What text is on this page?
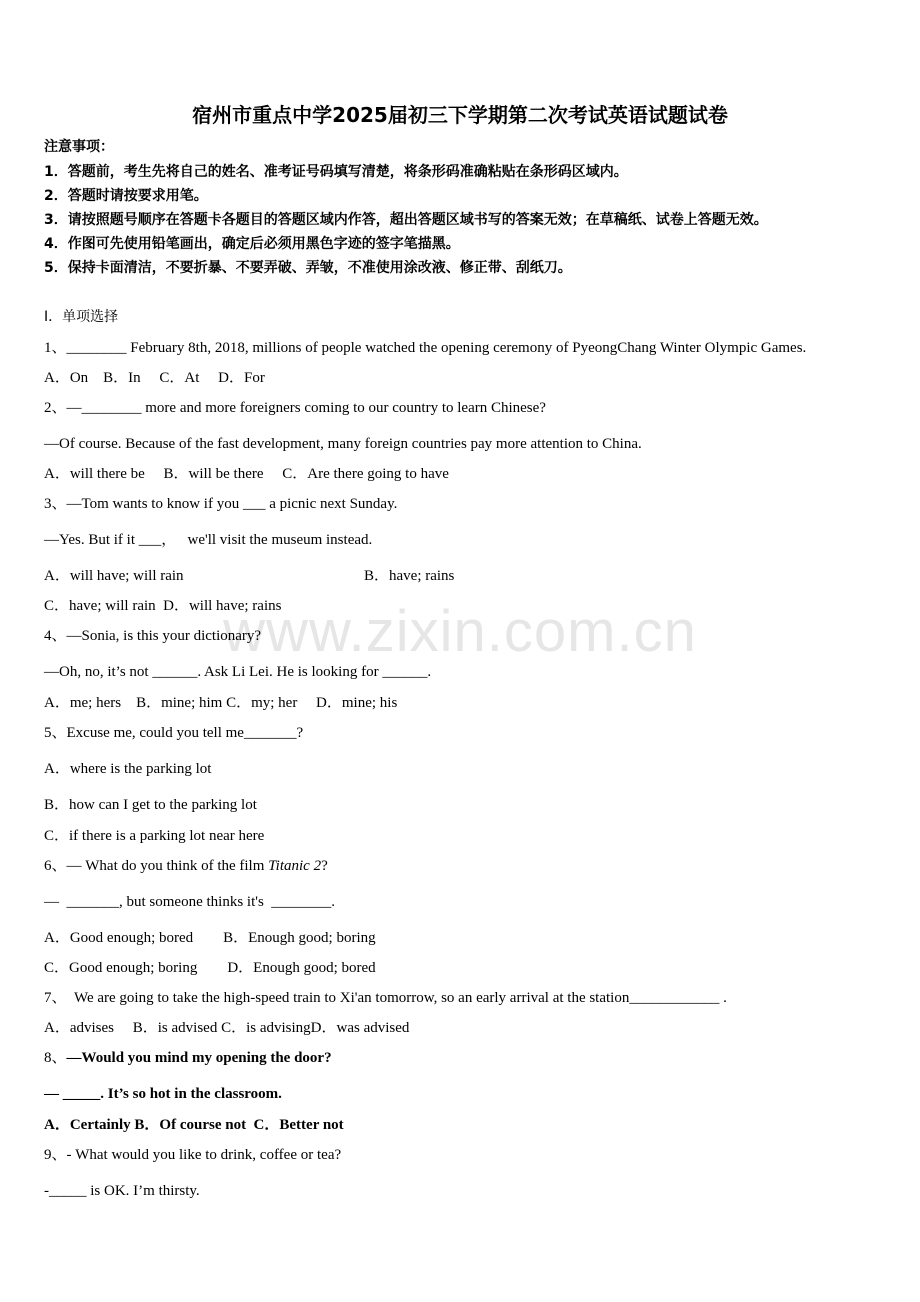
www.zixin.com.cn
宿州市重点中学2025届初三下学期第二次考试英语试题试卷
注意事项：
1．答题前，考生先将自己的姓名、准考证号码填写清楚，将条形码准确粘贴在条形码区域内。
2．答题时请按要求用笔。
3．请按照题号顺序在答题卡各题目的答题区域内作答，超出答题区域书写的答案无效；在草稿纸、试卷上答题无效。
4．作图可先使用铅笔画出，确定后必须用黑色字迹的签字笔描黑。
5．保持卡面清洁，不要折暴、不要弄破、弄皱，不准使用涂改液、修正带、刮纸刀。
Ⅰ．单项选择
1、________ February 8th, 2018, millions of people watched the opening ceremony of PyeongChang Winter Olympic Games.
A．On    B．In     C．At     D．For
2、—________ more and more foreigners coming to our country to learn Chinese?
—Of course. Because of the fast development, many foreign countries pay more attention to China.
A．will there be     B．will be there     C．Are there going to have
3、—Tom wants to know if you ___ a picnic next Sunday.
—Yes. But if it ___，   we'll visit the museum instead.
A．will have; will rain	B．have; rains
C．have; will rain  D．will have; rains
4、—Sonia, is this your dictionary?
—Oh, no, it’s not ______. Ask Li Lei. He is looking for ______.
A．me; hers    B．mine; him C．my; her     D．mine; his
5、Excuse me, could you tell me_______?
A．where is the parking lot
B．how can I get to the parking lot
C．if there is a parking lot near here
6、— What do you think of the film Titanic 2?
—  _______, but someone thinks it's  ________.
A．Good enough; bored        B．Enough good; boring
C．Good enough; boring        D．Enough good; bored
7、  We are going to take the high-speed train to Xi'an tomorrow, so an early arrival at the station____________ .
A．advises     B．is advised C．is advisingD．was advised
8、—Would you mind my opening the door?
— _____. It’s so hot in the classroom.
A．Certainly B．Of course not  C．Better not
9、- What would you like to drink, coffee or tea?
-_____ is OK. I’m thirsty.
